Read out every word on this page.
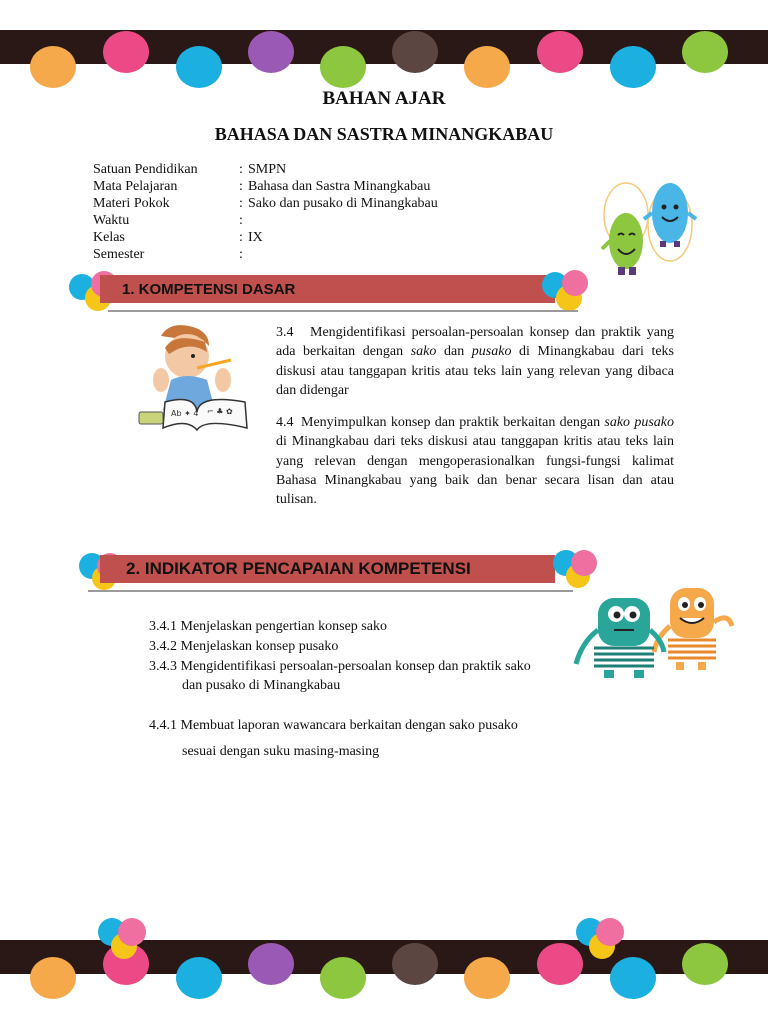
BAHAN AJAR
BAHASA DAN SASTRA MINANGKABAU
Satuan Pendidikan	: SMPN
Mata Pelajaran	: Bahasa dan Sastra Minangkabau
Materi Pokok	: Sako dan pusako di Minangkabau
Waktu	:
Kelas	: IX
Semester	:
1. KOMPETENSI DASAR
Ab ✦ 4 ⌐ ♣ ✿
3.4	Mengidentifikasi persoalan-persoalan konsep dan praktik yang ada berkaitan dengan sako dan pusako di Minangkabau dari teks diskusi atau tanggapan kritis atau teks lain yang relevan yang dibaca dan didengar
4.4 Menyimpulkan konsep dan praktik berkaitan dengan sako pusako di Minangkabau dari teks diskusi atau tanggapan kritis atau teks lain yang relevan dengan mengoperasionalkan fungsi-fungsi kalimat Bahasa Minangkabau yang baik dan benar secara lisan dan atau tulisan.
2. INDIKATOR PENCAPAIAN KOMPETENSI
3.4.1 Menjelaskan pengertian konsep sako
3.4.2 Menjelaskan konsep pusako
3.4.3 Mengidentifikasi persoalan-persoalan konsep dan praktik sako
dan pusako di Minangkabau
4.4.1 Membuat laporan wawancara berkaitan dengan sako pusako
sesuai dengan suku masing-masing
